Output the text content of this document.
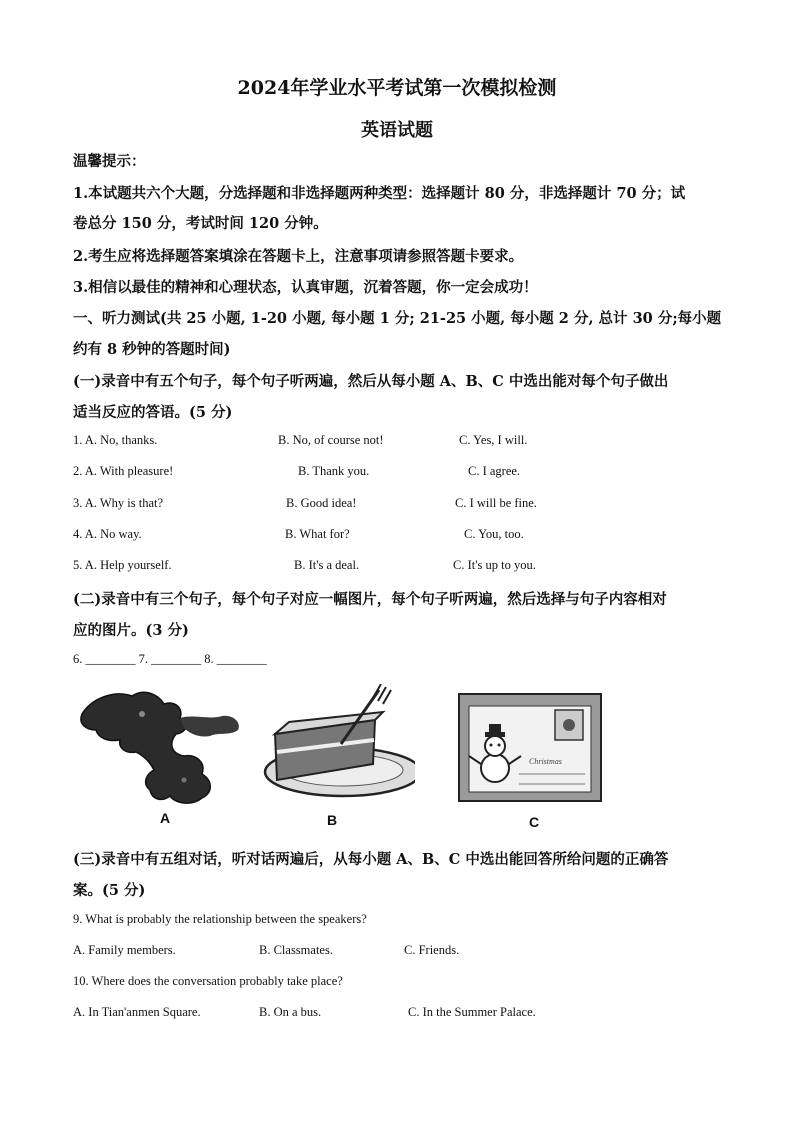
2024年学业水平考试第一次模拟检测
英语试题
温馨提示：
1.本试题共六个大题，分选择题和非选择题两种类型：选择题计 80 分，非选择题计 70 分；试
卷总分 150 分，考试时间 120 分钟。
2.考生应将选择题答案填涂在答题卡上，注意事项请参照答题卡要求。
3.相信以最佳的精神和心理状态，认真审题，沉着答题，你一定会成功！
一、听力测试(共 25 小题, 1-20 小题, 每小题 1 分; 21-25 小题, 每小题 2 分, 总计 30 分;每小题
约有 8 秒钟的答题时间)
(一)录音中有五个句子，每个句子听两遍，然后从每小题 A、B、C 中选出能对每个句子做出
适当反应的答语。(5 分)
1. A. No, thanks.	B. No, of course not!	C. Yes, I will.
2. A. With pleasure!	B. Thank you.	C. I agree.
3. A. Why is that?	B. Good idea!	C. I will be fine.
4. A. No way.	B. What for?	C. You, too.
5. A. Help yourself.	B. It's a deal.	C. It's up to you.
(二)录音中有三个句子，每个句子对应一幅图片，每个句子听两遍，然后选择与句子内容相对
应的图片。(3 分)
6. ________ 7. ________ 8. ________
A	B
Christmas
C
(三)录音中有五组对话，听对话两遍后，从每小题 A、B、C 中选出能回答所给问题的正确答
案。(5 分)
9. What is probably the relationship between the speakers?
A. Family members.	B. Classmates.	C. Friends.
10. Where does the conversation probably take place?
A. In Tian'anmen Square.	B. On a bus.	C. In the Summer Palace.
